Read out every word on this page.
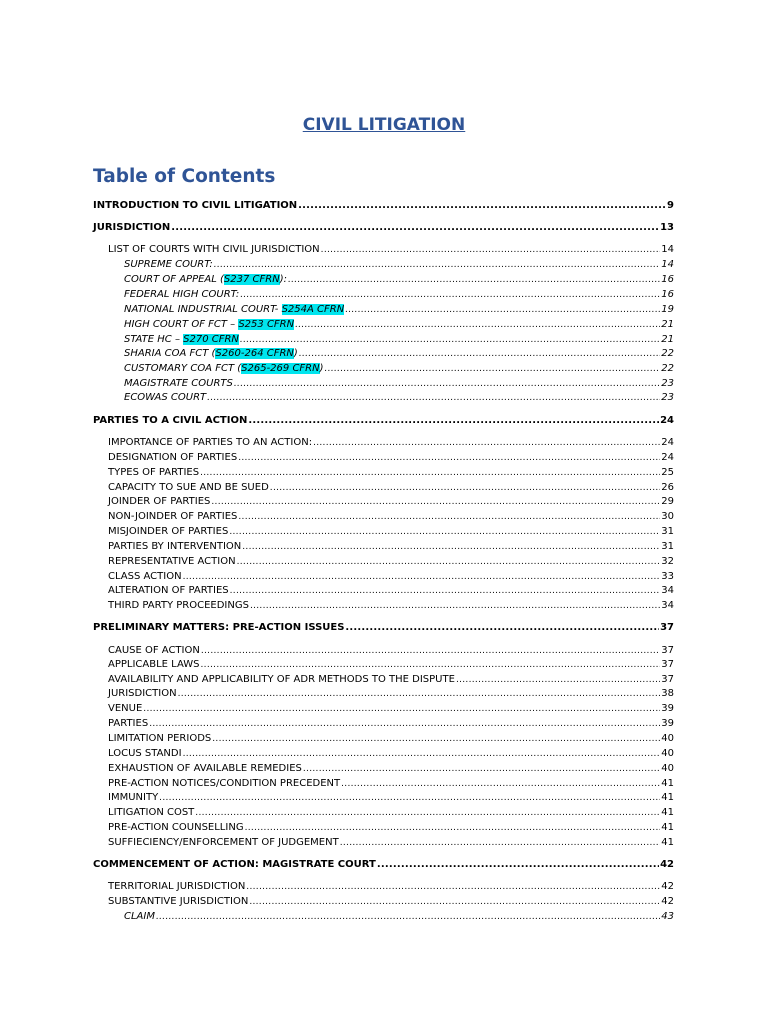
CIVIL LITIGATION
Table of Contents
INTRODUCTION TO CIVIL LITIGATION .....	9
JURISDICTION .....	13
LIST OF COURTS WITH CIVIL JURISDICTION .....	14
SUPREME COURT: .....	14
COURT OF APPEAL (S237 CFRN): .....	16
FEDERAL HIGH COURT: .....	16
NATIONAL INDUSTRIAL COURT- S254A CFRN .....	19
HIGH COURT OF FCT – S253 CFRN .....	21
STATE HC – S270 CFRN .....	21
SHARIA COA FCT (S260-264 CFRN) .....	22
CUSTOMARY COA FCT (S265-269 CFRN) .....	22
MAGISTRATE COURTS .....	23
ECOWAS COURT .....	23
PARTIES TO A CIVIL ACTION .....	24
IMPORTANCE OF PARTIES TO AN ACTION: .....	24
DESIGNATION OF PARTIES .....	24
TYPES OF PARTIES .....	25
CAPACITY TO SUE AND BE SUED .....	26
JOINDER OF PARTIES .....	29
NON-JOINDER OF PARTIES .....	30
MISJOINDER OF PARTIES .....	31
PARTIES BY INTERVENTION .....	31
REPRESENTATIVE ACTION .....	32
CLASS ACTION .....	33
ALTERATION OF PARTIES .....	34
THIRD PARTY PROCEEDINGS .....	34
PRELIMINARY MATTERS: PRE-ACTION ISSUES .....	37
CAUSE OF ACTION .....	37
APPLICABLE LAWS .....	37
AVAILABILITY AND APPLICABILITY OF ADR METHODS TO THE DISPUTE .....	37
JURISDICTION .....	38
VENUE .....	39
PARTIES .....	39
LIMITATION PERIODS .....	40
LOCUS STANDI .....	40
EXHAUSTION OF AVAILABLE REMEDIES .....	40
PRE-ACTION NOTICES/CONDITION PRECEDENT .....	41
IMMUNITY .....	41
LITIGATION COST .....	41
PRE-ACTION COUNSELLING .....	41
SUFFIECIENCY/ENFORCEMENT OF JUDGEMENT .....	41
COMMENCEMENT OF ACTION: MAGISTRATE COURT .....	42
TERRITORIAL JURISDICTION .....	42
SUBSTANTIVE JURISDICTION .....	42
CLAIM .....	43
